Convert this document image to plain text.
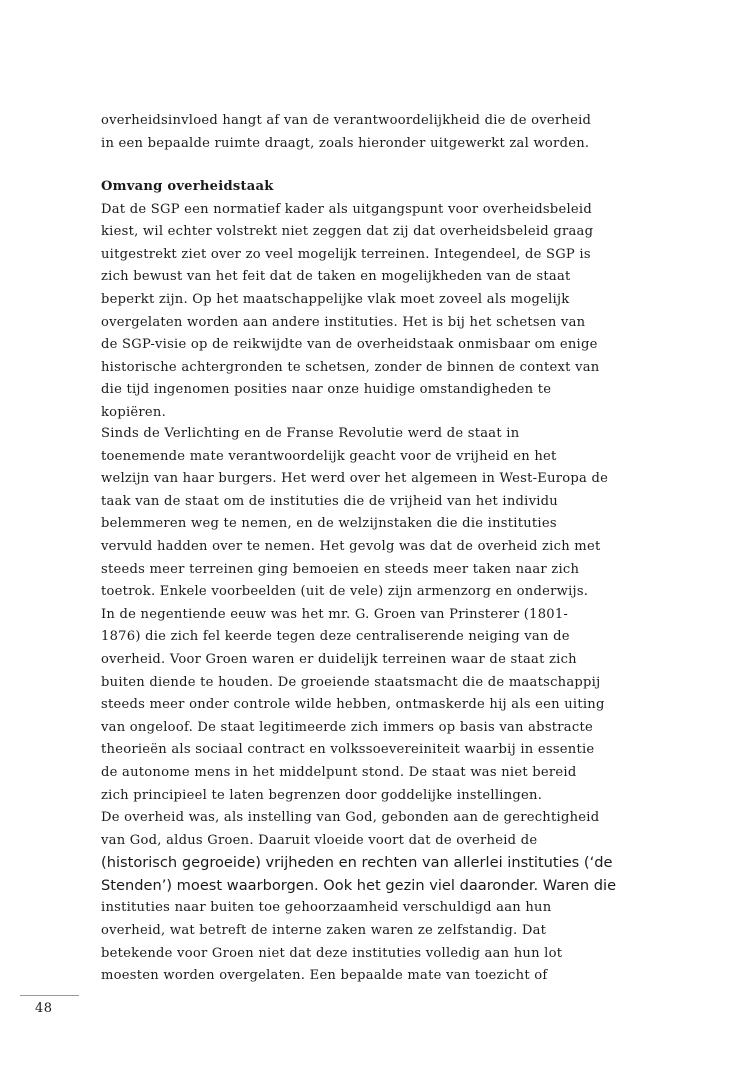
overheidsinvloed hangt af van de verantwoordelijkheid die de overheid
in een bepaalde ruimte draagt, zoals hieronder uitgewerkt zal worden.
Omvang overheidstaak
Dat de SGP een normatief kader als uitgangspunt voor overheidsbeleid
kiest, wil echter volstrekt niet zeggen dat zij dat overheidsbeleid graag
uitgestrekt ziet over zo veel mogelijk terreinen. Integendeel, de SGP is
zich bewust van het feit dat de taken en mogelijkheden van de staat
beperkt zijn. Op het maatschappelijke vlak moet zoveel als mogelijk
overgelaten worden aan andere instituties. Het is bij het schetsen van
de SGP-visie op de reikwijdte van de overheidstaak onmisbaar om enige
historische achtergronden te schetsen, zonder de binnen de context van
die tijd ingenomen posities naar onze huidige omstandigheden te
kopiëren.
Sinds de Verlichting en de Franse Revolutie werd de staat in
toenemende mate verantwoordelijk geacht voor de vrijheid en het
welzijn van haar burgers. Het werd over het algemeen in West-Europa de
taak van de staat om de instituties die de vrijheid van het individu
belemmeren weg te nemen, en de welzijnstaken die die instituties
vervuld hadden over te nemen. Het gevolg was dat de overheid zich met
steeds meer terreinen ging bemoeien en steeds meer taken naar zich
toetrok. Enkele voorbeelden (uit de vele) zijn armenzorg en onderwijs.
In de negentiende eeuw was het mr. G. Groen van Prinsterer (1801-
1876) die zich fel keerde tegen deze centraliserende neiging van de
overheid. Voor Groen waren er duidelijk terreinen waar de staat zich
buiten diende te houden. De groeiende staatsmacht die de maatschappij
steeds meer onder controle wilde hebben, ontmaskerde hij als een uiting
van ongeloof. De staat legitimeerde zich immers op basis van abstracte
theorieën als sociaal contract en volkssoevereiniteit waarbij in essentie
de autonome mens in het middelpunt stond. De staat was niet bereid
zich principieel te laten begrenzen door goddelijke instellingen.
De overheid was, als instelling van God, gebonden aan de gerechtigheid
van God, aldus Groen. Daaruit vloeide voort dat de overheid de
(historisch gegroeide) vrijheden en rechten van allerlei instituties (‘de
Stenden’) moest waarborgen. Ook het gezin viel daaronder. Waren die
instituties naar buiten toe gehoorzaamheid verschuldigd aan hun
overheid, wat betreft de interne zaken waren ze zelfstandig. Dat
betekende voor Groen niet dat deze instituties volledig aan hun lot
moesten worden overgelaten. Een bepaalde mate van toezicht of
48
